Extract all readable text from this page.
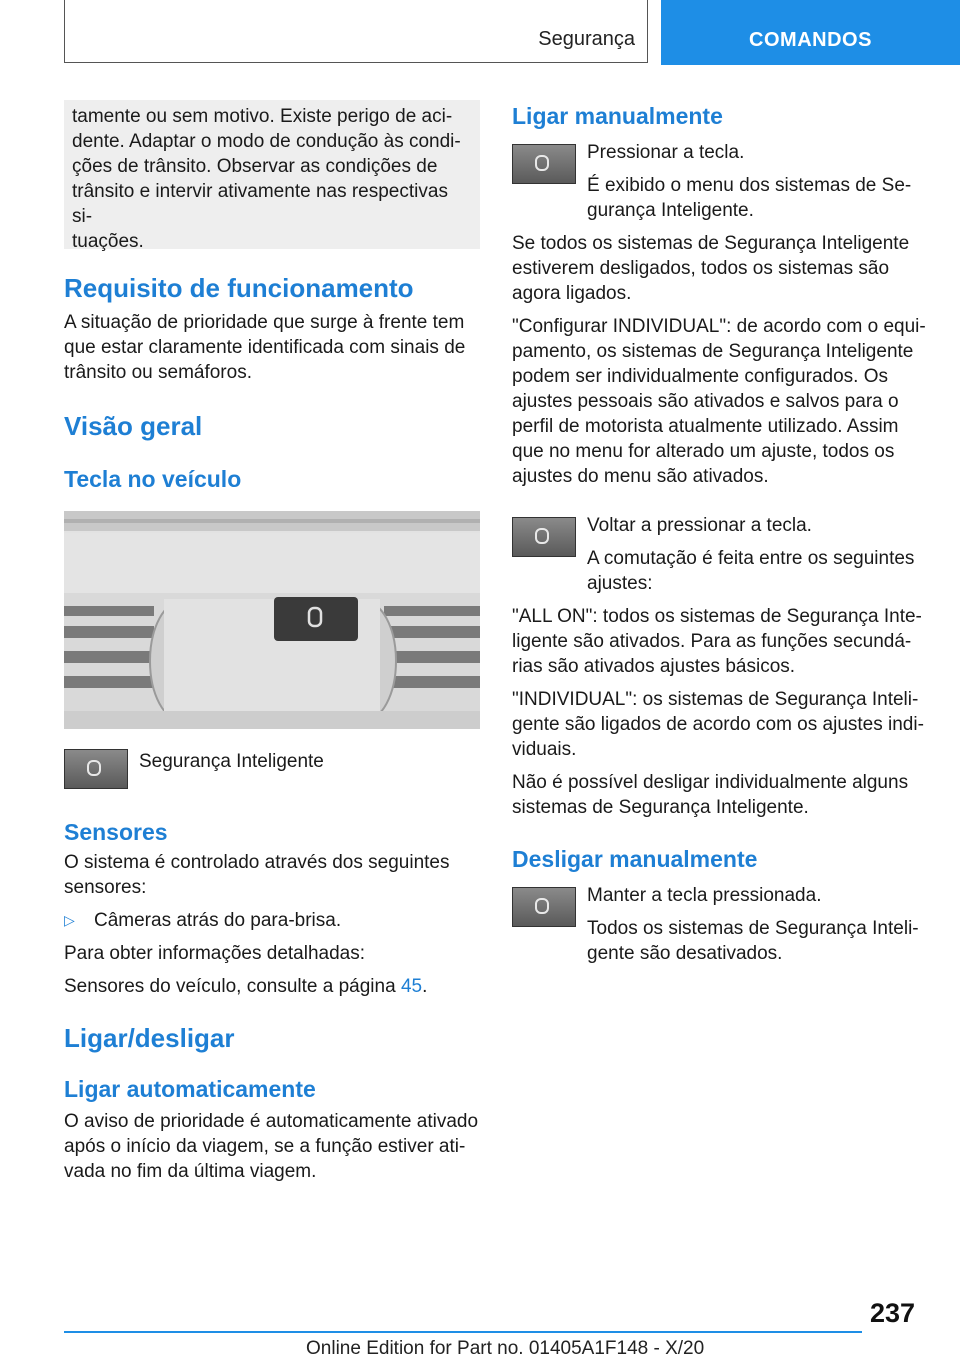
Segurança	COMANDOS

tamente ou sem motivo. Existe perigo de aci-

dente. Adaptar o modo de condução às condi-

ções de trânsito. Observar as condições de

trânsito e intervir ativamente nas respectivas si-

tuações.

Requisito de funcionamento

A situação de prioridade que surge à frente tem que estar claramente identificada com sinais de trânsito ou semáforos.

Visão geral
Tecla no veículo

Segurança Inteligente

Sensores

O sistema é controlado através dos seguintes sensores:

▷	Câmeras atrás do para-brisa.

Para obter informações detalhadas:

Sensores do veículo, consulte a página 45.

Ligar/desligar
Ligar automaticamente

O aviso de prioridade é automaticamente ativado após o início da viagem, se a função estiver ati-vada no fim da última viagem.

Ligar manualmente

Pressionar a tecla.

É exibido o menu dos sistemas de Se-gurança Inteligente.

Se todos os sistemas de Segurança Inteligente estiverem desligados, todos os sistemas são agora ligados.

"Configurar INDIVIDUAL": de acordo com o equi-pamento, os sistemas de Segurança Inteligente podem ser individualmente configurados. Os ajustes pessoais são ativados e salvos para o perfil de motorista atualmente utilizado. Assim que no menu for alterado um ajuste, todos os ajustes do menu são ativados.

Voltar a pressionar a tecla.

A comutação é feita entre os seguintes ajustes:

"ALL ON": todos os sistemas de Segurança Inte-ligente são ativados. Para as funções secundá-rias são ativados ajustes básicos.

"INDIVIDUAL": os sistemas de Segurança Inteli-gente são ligados de acordo com os ajustes indi-viduais.

Não é possível desligar individualmente alguns sistemas de Segurança Inteligente.

Desligar manualmente

Manter a tecla pressionada.

Todos os sistemas de Segurança Inteli-gente são desativados.

237
Online Edition for Part no. 01405A1F148 - X/20
